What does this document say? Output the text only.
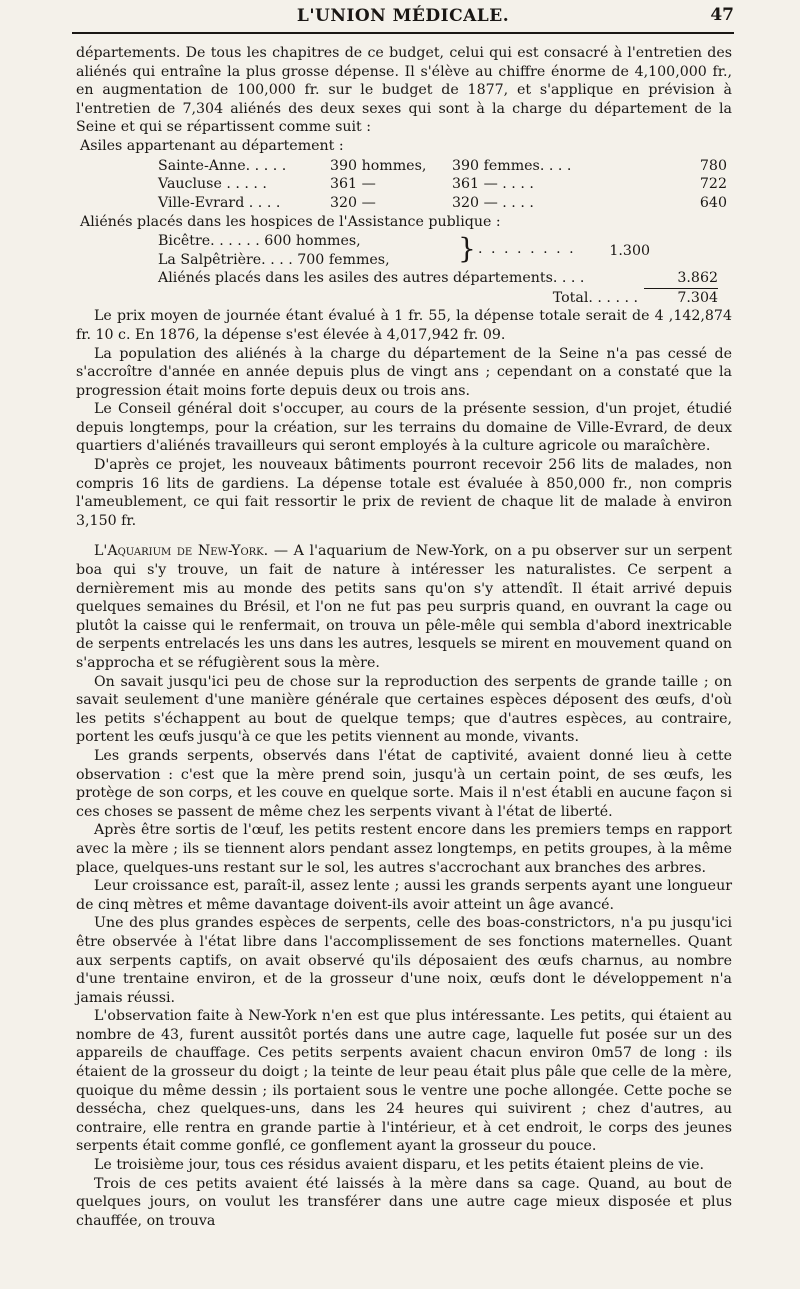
L'UNION MÉDICALE.	47

départements. De tous les chapitres de ce budget, celui qui est consacré à l'entretien des aliénés qui entraîne la plus grosse dépense. Il s'élève au chiffre énorme de 4,100,000 fr., en augmentation de 100,000 fr. sur le budget de 1877, et s'applique en prévision à l'entretien de 7,304 aliénés des deux sexes qui sont à la charge du département de la Seine et qui se répartissent comme suit :

Asiles appartenant au département :

Sainte-Anne. . . . .	390 hommes,	390 femmes. . . .	780
Vaucluse . . . . .	361 —	361 — . . . .	722
Ville-Evrard . . . .	320 —	320 — . . . .	640

Aliénés placés dans les hospices de l'Assistance publique :

Bicêtre. . . . . . 600 hommes,
La Salpêtrière. . . . 700 femmes,	} . . . . . . . .	1.300
Aliénés placés dans les asiles des autres départements. . . .	3.862
Total. . . . . .	7.304

Le prix moyen de journée étant évalué à 1 fr. 55, la dépense totale serait de 4 ,142,874 fr. 10 c. En 1876, la dépense s'est élevée à 4,017,942 fr. 09.

La population des aliénés à la charge du département de la Seine n'a pas cessé de s'accroître d'année en année depuis plus de vingt ans ; cependant on a constaté que la progression était moins forte depuis deux ou trois ans.

Le Conseil général doit s'occuper, au cours de la présente session, d'un projet, étudié depuis longtemps, pour la création, sur les terrains du domaine de Ville-Evrard, de deux quartiers d'aliénés travailleurs qui seront employés à la culture agricole ou maraîchère.

D'après ce projet, les nouveaux bâtiments pourront recevoir 256 lits de malades, non compris 16 lits de gardiens. La dépense totale est évaluée à 850,000 fr., non compris l'ameublement, ce qui fait ressortir le prix de revient de chaque lit de malade à environ 3,150 fr.

L'Aquarium de New-York. — A l'aquarium de New-York, on a pu observer sur un serpent boa qui s'y trouve, un fait de nature à intéresser les naturalistes. Ce serpent a dernièrement mis au monde des petits sans qu'on s'y attendît. Il était arrivé depuis quelques semaines du Brésil, et l'on ne fut pas peu surpris quand, en ouvrant la cage ou plutôt la caisse qui le renfermait, on trouva un pêle-mêle qui sembla d'abord inextricable de serpents entrelacés les uns dans les autres, lesquels se mirent en mouvement quand on s'approcha et se réfugièrent sous la mère.

On savait jusqu'ici peu de chose sur la reproduction des serpents de grande taille ; on savait seulement d'une manière générale que certaines espèces déposent des œufs, d'où les petits s'échappent au bout de quelque temps; que d'autres espèces, au contraire, portent les œufs jusqu'à ce que les petits viennent au monde, vivants.

Les grands serpents, observés dans l'état de captivité, avaient donné lieu à cette observation : c'est que la mère prend soin, jusqu'à un certain point, de ses œufs, les protège de son corps, et les couve en quelque sorte. Mais il n'est établi en aucune façon si ces choses se passent de même chez les serpents vivant à l'état de liberté.

Après être sortis de l'œuf, les petits restent encore dans les premiers temps en rapport avec la mère ; ils se tiennent alors pendant assez longtemps, en petits groupes, à la même place, quelques-uns restant sur le sol, les autres s'accrochant aux branches des arbres.

Leur croissance est, paraît-il, assez lente ; aussi les grands serpents ayant une longueur de cinq mètres et même davantage doivent-ils avoir atteint un âge avancé.

Une des plus grandes espèces de serpents, celle des boas-constrictors, n'a pu jusqu'ici être observée à l'état libre dans l'accomplissement de ses fonctions maternelles. Quant aux serpents captifs, on avait observé qu'ils déposaient des œufs charnus, au nombre d'une trentaine environ, et de la grosseur d'une noix, œufs dont le développement n'a jamais réussi.

L'observation faite à New-York n'en est que plus intéressante. Les petits, qui étaient au nombre de 43, furent aussitôt portés dans une autre cage, laquelle fut posée sur un des appareils de chauffage. Ces petits serpents avaient chacun environ 0m57 de long : ils étaient de la grosseur du doigt ; la teinte de leur peau était plus pâle que celle de la mère, quoique du même dessin ; ils portaient sous le ventre une poche allongée. Cette poche se dessécha, chez quelques-uns, dans les 24 heures qui suivirent ; chez d'autres, au contraire, elle rentra en grande partie à l'intérieur, et à cet endroit, le corps des jeunes serpents était comme gonflé, ce gonflement ayant la grosseur du pouce.

Le troisième jour, tous ces résidus avaient disparu, et les petits étaient pleins de vie.

Trois de ces petits avaient été laissés à la mère dans sa cage. Quand, au bout de quelques jours, on voulut les transférer dans une autre cage mieux disposée et plus chauffée, on trouva
